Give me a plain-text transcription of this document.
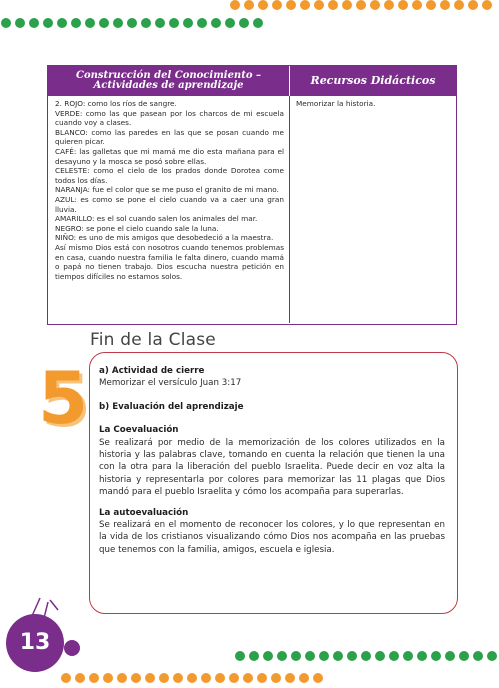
Construcción del Conocimiento – Actividades de aprendizaje	Recursos Didácticos

2. ROJO: como los ríos de sangre.

VERDE: como las que pasean por los charcos de mi escuela cuando voy a clases.

BLANCO: como las paredes en las que se posan cuando me quieren picar.

CAFÉ: las galletas que mi mamá me dio esta mañana para el desayuno y la mosca se posó sobre ellas.

CELESTE: como el cielo de los prados donde Dorotea come todos los días.

NARANJA: fue el color que se me puso el granito de mi mano.

AZUL: es como se pone el cielo cuando va a caer una gran lluvia.

AMARILLO: es el sol cuando salen los animales del mar.

NEGRO: se pone el cielo cuando sale la luna.

NIÑO: es uno de mis amigos que desobedeció a la maestra.

Así mismo Dios está con nosotros cuando tenemos problemas en casa, cuando nuestra familia le falta dinero, cuando mamá o papá no tienen trabajo. Dios escucha nuestra petición en tiempos difíciles no estamos solos.

Memorizar la historia.
Fin de la Clase
5 a) Actividad de cierre

Memorizar el versículo Juan 3:17

b) Evaluación del aprendizaje

La Coevaluación

Se realizará por medio de la memorización de los colores utilizados en la historia y las palabras clave, tomando en cuenta la relación que tienen la una con la otra para la liberación del pueblo Israelita. Puede decir en voz alta la historia y representarla por colores para memorizar las 11 plagas que Dios mandó para el pueblo Israelita y cómo los acompaña para superarlas.

La autoevaluación

Se realizará en el momento de reconocer los colores, y lo que representan en la vida de los cristianos visualizando cómo Dios nos acompaña en las pruebas que tenemos con la familia, amigos, escuela e iglesia.

13
